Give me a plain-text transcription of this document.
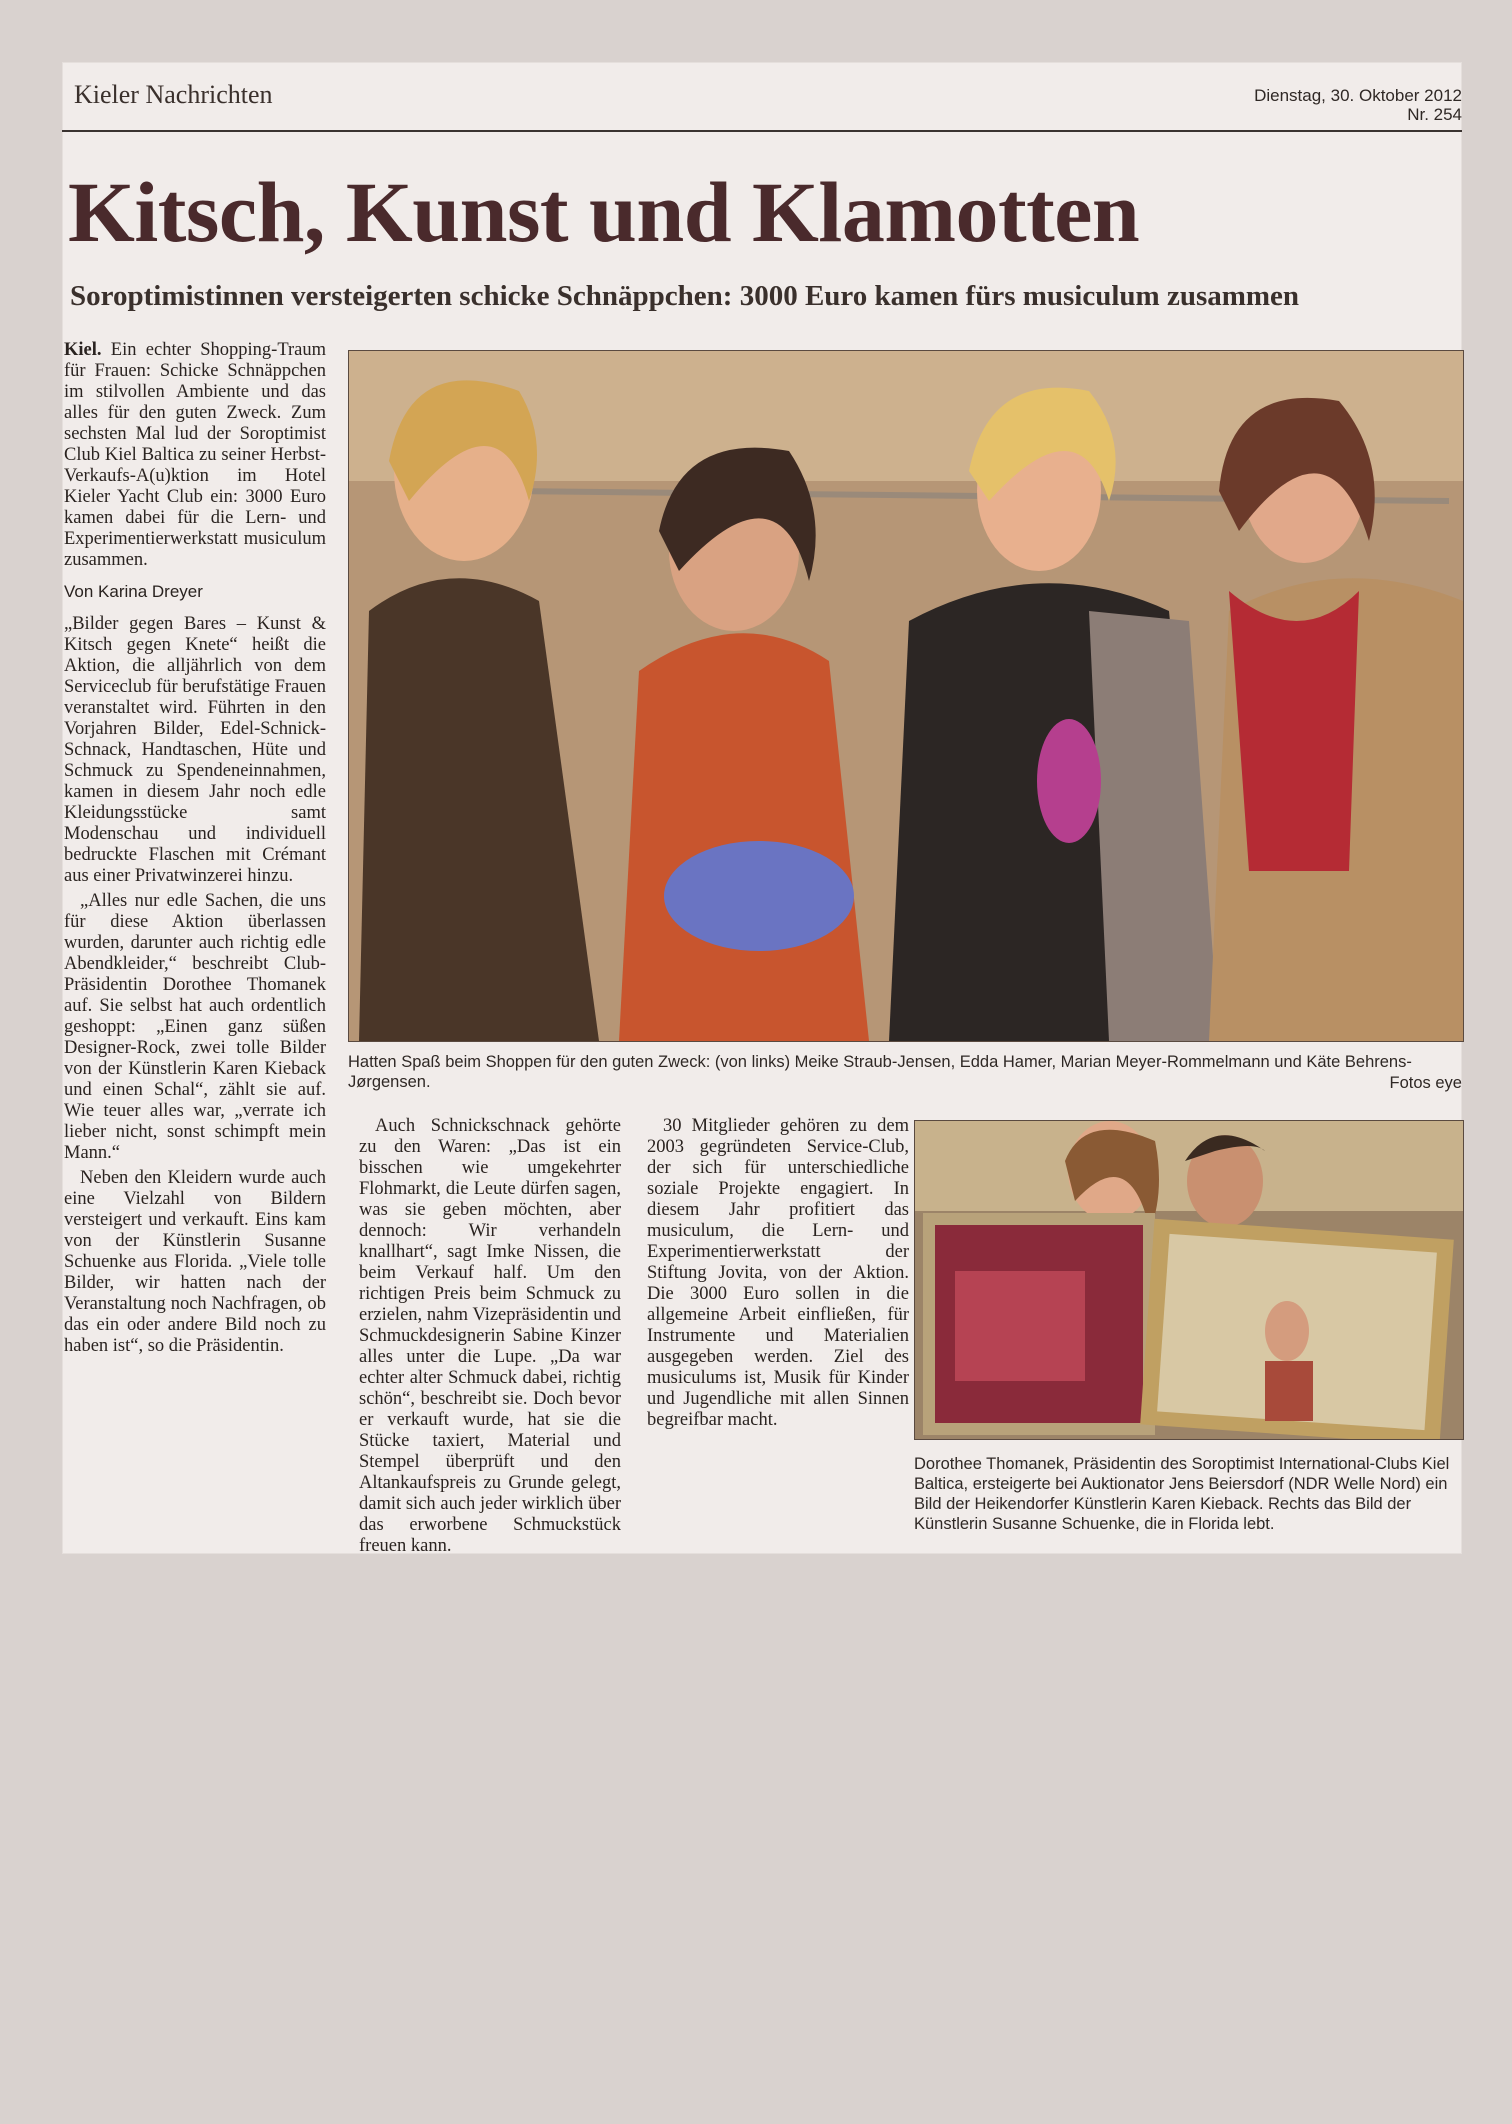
Kieler Nachrichten	Dienstag, 30. Oktober 2012
Nr. 254
Kitsch, Kunst und Klamotten
Soroptimistinnen versteigerten schicke Schnäppchen: 3000 Euro kamen fürs musiculum zusammen

Kiel. Ein echter Shopping-Traum für Frauen: Schicke Schnäppchen im stilvollen Ambiente und das alles für den guten Zweck. Zum sechsten Mal lud der Soroptimist Club Kiel Baltica zu seiner Herbst-Verkaufs-A(u)ktion im Hotel Kieler Yacht Club ein: 3000 Euro kamen dabei für die Lern- und Experimentierwerkstatt musiculum zusammen.

Von Karina Dreyer

„Bilder gegen Bares – Kunst & Kitsch gegen Knete“ heißt die Aktion, die alljährlich von dem Serviceclub für berufstätige Frauen veranstaltet wird. Führten in den Vorjahren Bilder, Edel-Schnick-Schnack, Handtaschen, Hüte und Schmuck zu Spendeneinnahmen, kamen in diesem Jahr noch edle Kleidungsstücke samt Modenschau und individuell bedruckte Flaschen mit Crémant aus einer Privatwinzerei hinzu.

„Alles nur edle Sachen, die uns für diese Aktion überlassen wurden, darunter auch richtig edle Abendkleider,“ beschreibt Club-Präsidentin Dorothee Thomanek auf. Sie selbst hat auch ordentlich geshoppt: „Einen ganz süßen Designer-Rock, zwei tolle Bilder von der Künstlerin Karen Kieback und einen Schal“, zählt sie auf. Wie teuer alles war, „verrate ich lieber nicht, sonst schimpft mein Mann.“

Neben den Kleidern wurde auch eine Vielzahl von Bildern versteigert und verkauft. Eins kam von der Künstlerin Susanne Schuenke aus Florida. „Viele tolle Bilder, wir hatten nach der Veranstaltung noch Nachfragen, ob das ein oder andere Bild noch zu haben ist“, so die Präsidentin.

Hatten Spaß beim Shoppen für den guten Zweck: (von links) Meike Straub-Jensen, Edda Hamer, Marian Meyer-Rommelmann und Käte Behrens-Jørgensen.	Fotos eye

Auch Schnickschnack gehörte zu den Waren: „Das ist ein bisschen wie umgekehrter Flohmarkt, die Leute dürfen sagen, was sie geben möchten, aber dennoch: Wir verhandeln knallhart“, sagt Imke Nissen, die beim Verkauf half. Um den richtigen Preis beim Schmuck zu erzielen, nahm Vizepräsidentin und Schmuckdesignerin Sabine Kinzer alles unter die Lupe. „Da war echter alter Schmuck dabei, richtig schön“, beschreibt sie. Doch bevor er verkauft wurde, hat sie die Stücke taxiert, Material und Stempel überprüft und den Altankaufspreis zu Grunde gelegt, damit sich auch jeder wirklich über das erworbene Schmuckstück freuen kann.

30 Mitglieder gehören zu dem 2003 gegründeten Service-Club, der sich für unterschiedliche soziale Projekte engagiert. In diesem Jahr profitiert das musiculum, die Lern- und Experimentierwerkstatt der Stiftung Jovita, von der Aktion. Die 3000 Euro sollen in die allgemeine Arbeit einfließen, für Instrumente und Materialien ausgegeben werden. Ziel des musiculums ist, Musik für Kinder und Jugendliche mit allen Sinnen begreifbar macht.

Dorothee Thomanek, Präsidentin des Soroptimist International-Clubs Kiel Baltica, ersteigerte bei Auktionator Jens Beiersdorf (NDR Welle Nord) ein Bild der Heikendorfer Künstlerin Karen Kieback. Rechts das Bild der Künstlerin Susanne Schuenke, die in Florida lebt.
